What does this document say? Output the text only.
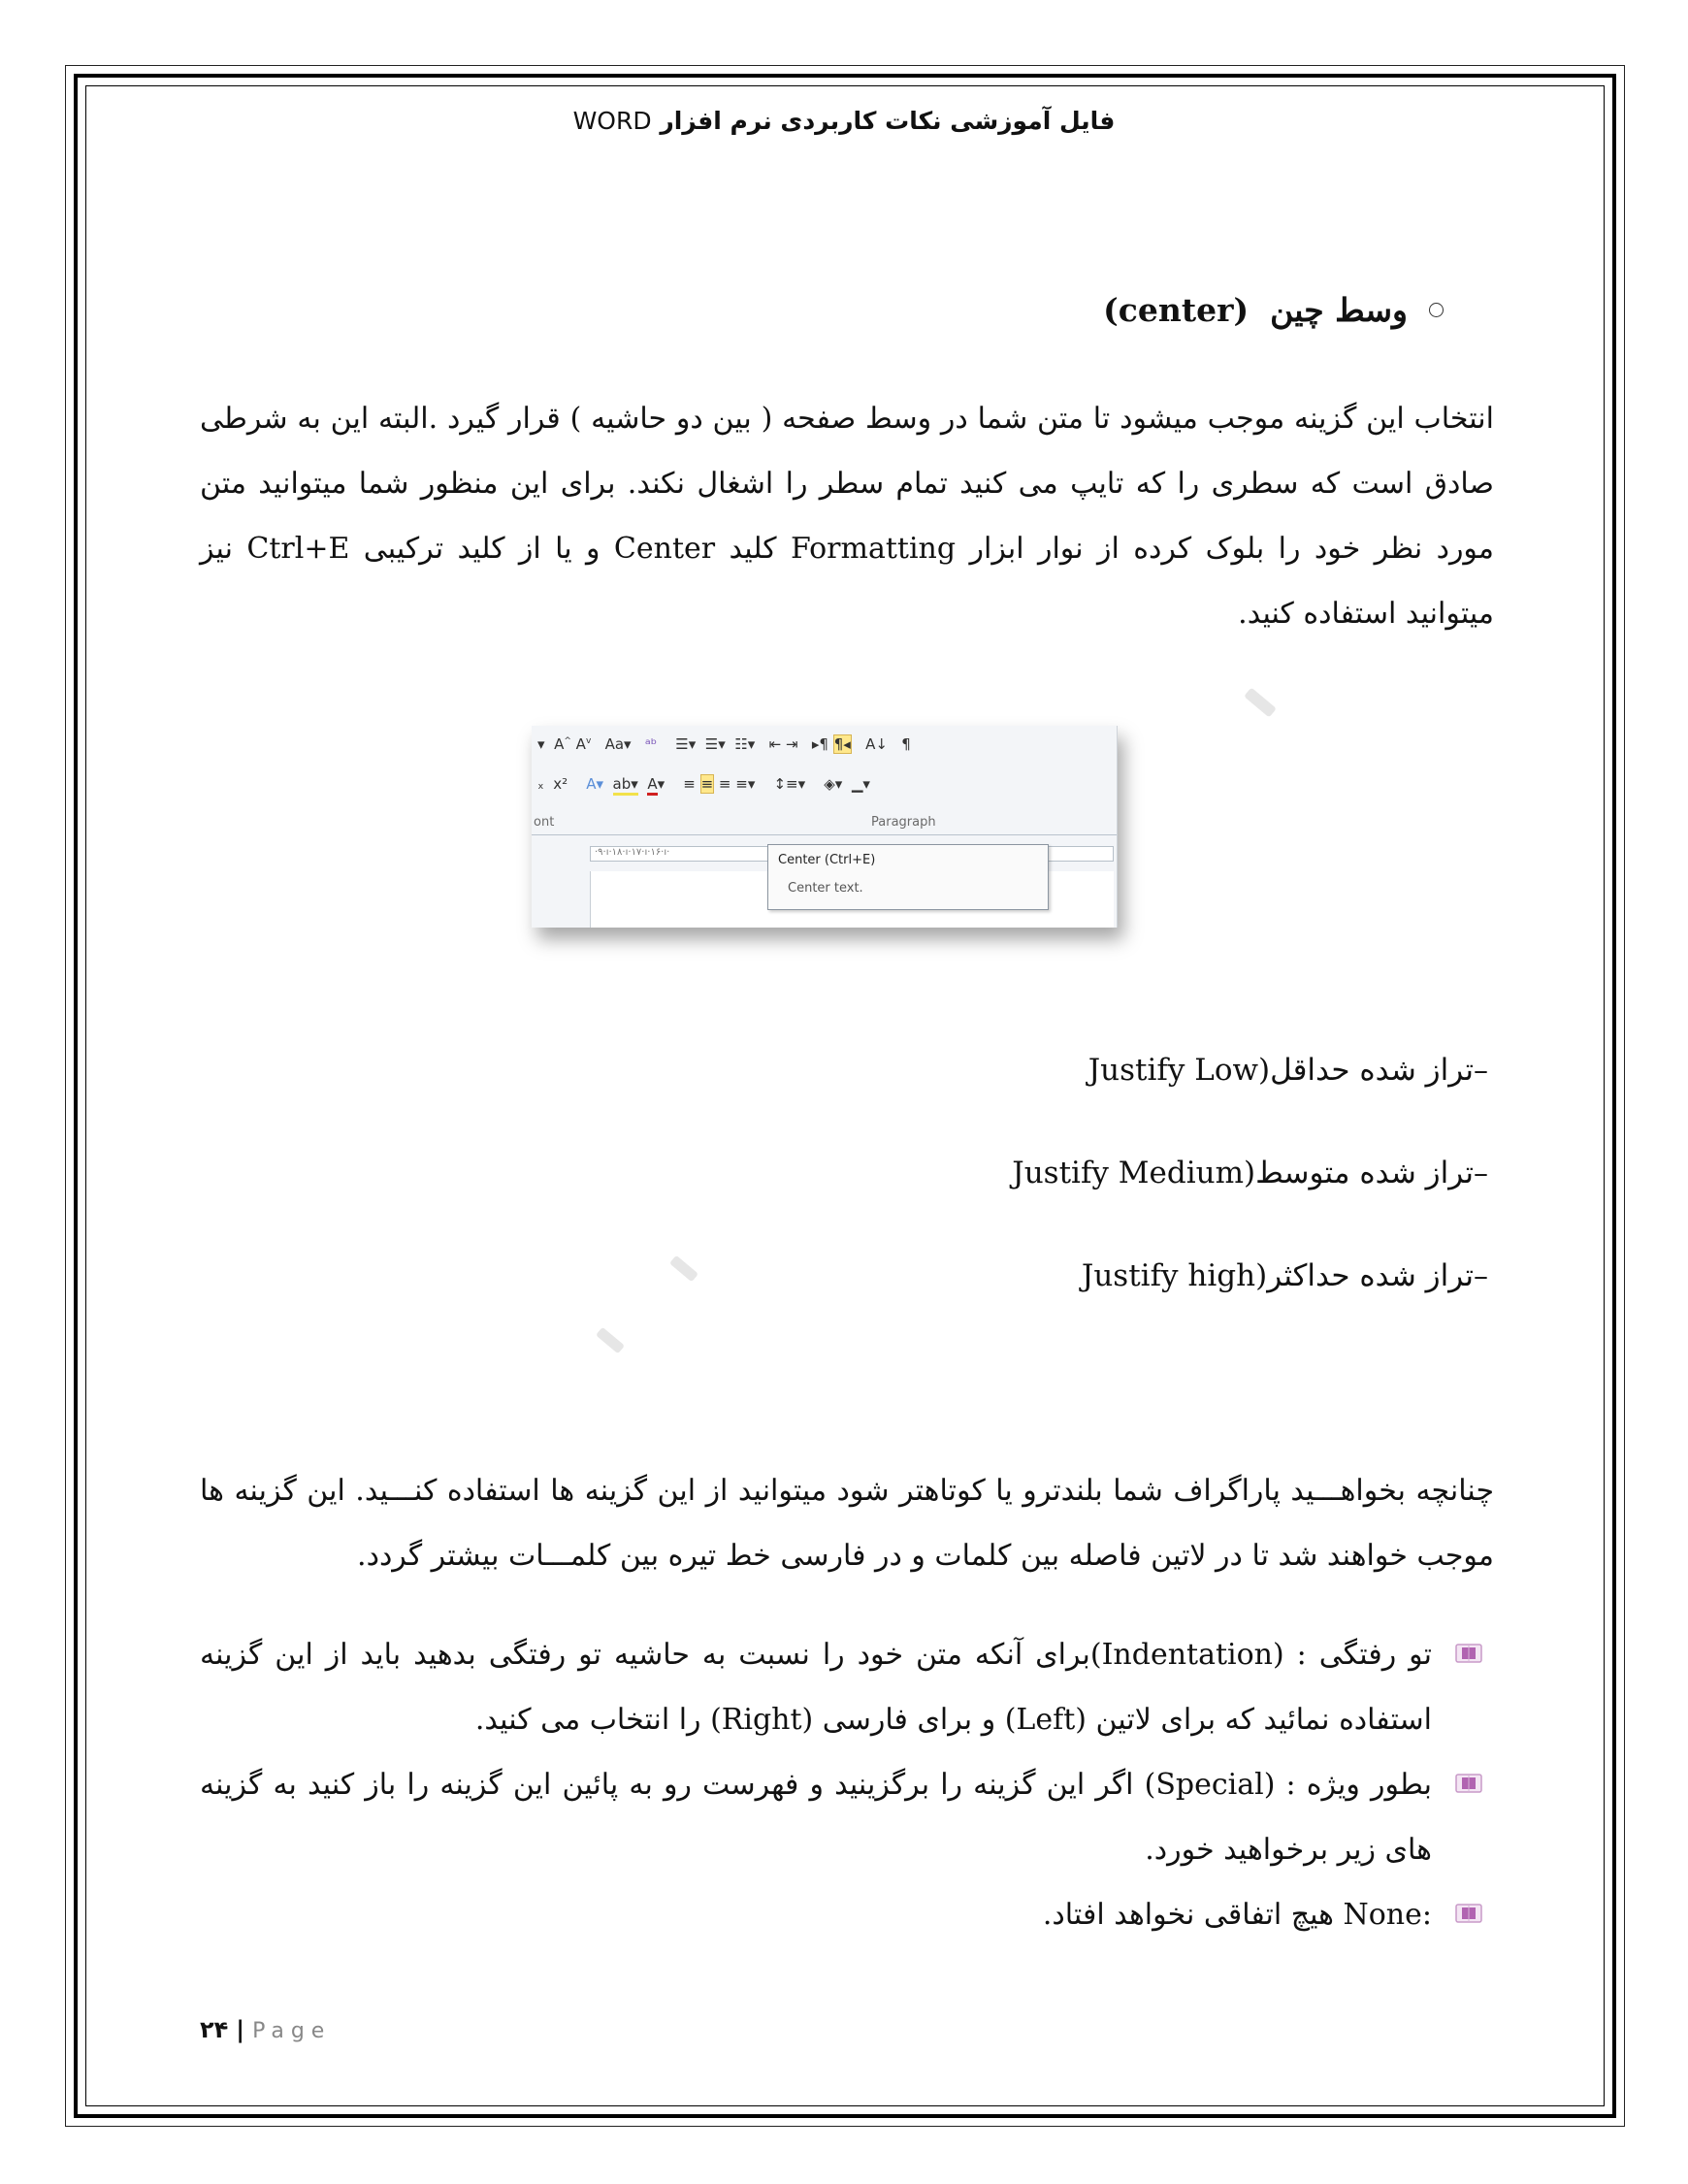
فایل آموزشی نکات کاربردی نرم افزار WORD
وسط چین
(center)

انتخاب این گزینه موجب میشود تا متن شما در وسط صفحه ( بین دو حاشیه ) قرار گیرد .البته این به شرطی صادق است که سطری را که تایپ می کنید تمام سطر را اشغال نکند. برای این منظور شما میتوانید متن مورد نظر خود را بلوک کرده از نوار ابزار Formatting کلید Center و یا از کلید ترکیبی Ctrl+E نیز میتوانید استفاده کنید.

▾ A^ $A^v$ Aa▾ ᵃᵇ ☰▾ ☰▾ ☷▾ ⇤ ⇥ ▸¶ ¶◂ A↓ ¶
ₓ x² A▾ ab▾ A▾    ≡ ≡ ≡ ≡▾ ↕≡▾ ◈▾ ▁▾
ont	Paragraph
·۹·ı·۱۸·ı·۱۷·ı·۱۶·ı·
Center (Ctrl+E)
Center text.
–تراز شده حداقل(Justify Low
–تراز شده متوسط(Justify Medium
–تراز شده حداکثر(Justify high

چنانچه بخواهـــید پاراگراف شما بلندترو یا کوتاهتر شود میتوانید از این گزینه ها استفاده کنـــید. این گزینه ها موجب خواهند شد تا در لاتین فاصله بین کلمات و در فارسی خط تیره بین کلمـــات بیشتر گردد.

تو رفتگی : (Indentation)برای آنکه متن خود را نسبت به حاشیه تو رفتگی بدهید باید از این گزینه استفاده نمائید که برای لاتین (Left) و برای فارسی (Right) را انتخاب می کنید.
بطور ویژه : (Special) اگر این گزینه را برگزینید و فهرست رو به پائین این گزینه را باز کنید به گزینه های زیر برخواهید خورد.
:None هیچ اتفاقی نخواهد افتاد.
۲۴ | Page
